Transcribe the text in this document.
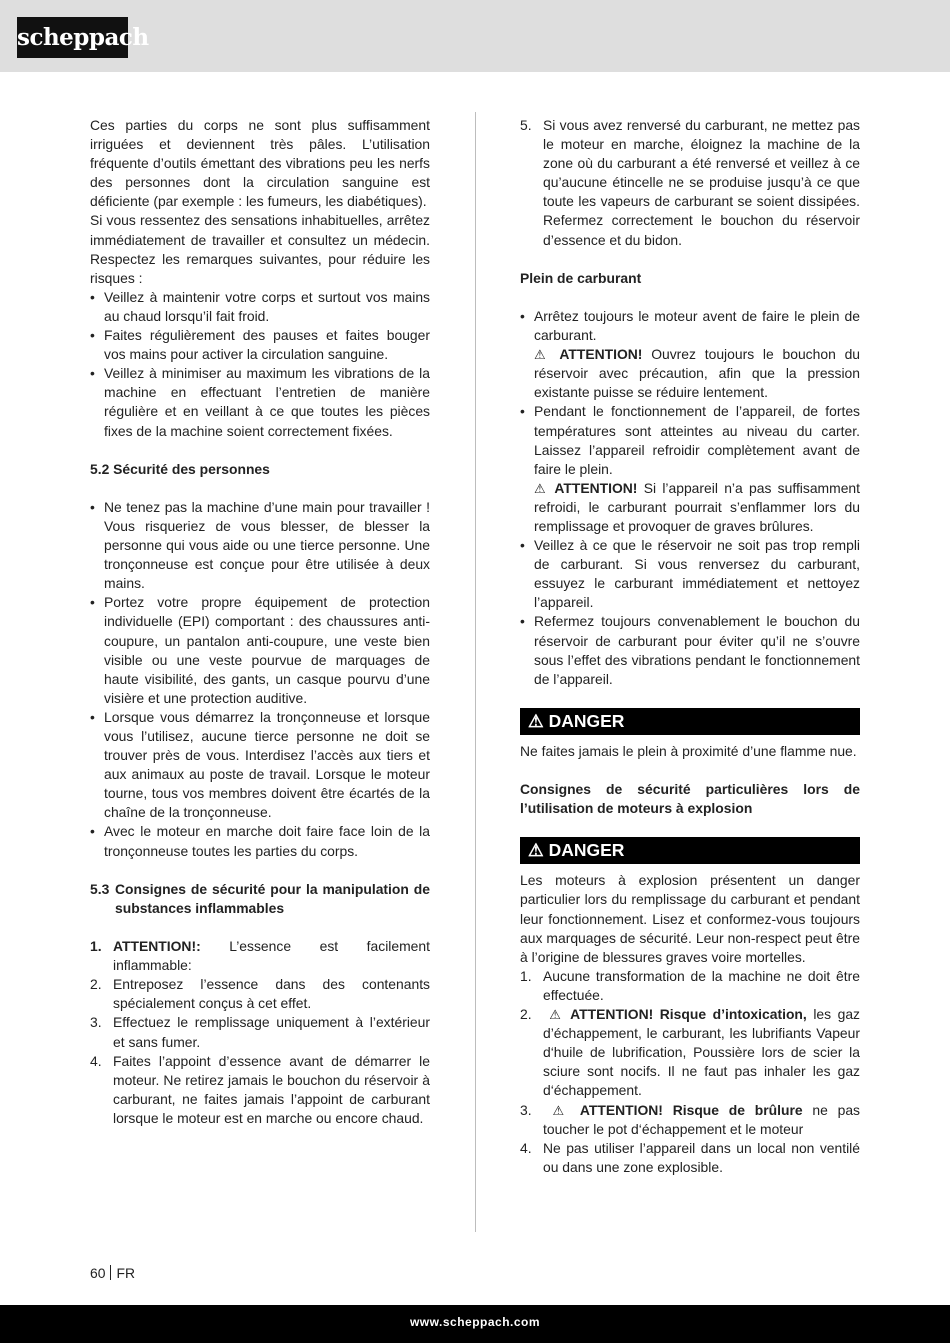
scheppach

Ces parties du corps ne sont plus suffisamment irriguées et deviennent très pâles. L’utilisation fréquente d’outils émettant des vibrations peu les nerfs des personnes dont la circulation sanguine est déficiente (par exemple : les fumeurs, les diabétiques).

Si vous ressentez des sensations inhabituelles, arrêtez immédiatement de travailler et consultez un médecin. Respectez les remarques suivantes, pour réduire les risques :

• Veillez à maintenir votre corps et surtout vos mains au chaud lorsqu’il fait froid.
• Faites régulièrement des pauses et faites bouger vos mains pour activer la circulation sanguine.
• Veillez à minimiser au maximum les vibrations de la machine en effectuant l’entretien de manière régulière et en veillant à ce que toutes les pièces fixes de la machine soient correctement fixées.

5.2 Sécurité des personnes

• Ne tenez pas la machine d’une main pour travailler ! Vous risqueriez de vous blesser, de blesser la personne qui vous aide ou une tierce personne. Une tronçonneuse est conçue pour être utilisée à deux mains.
• Portez votre propre équipement de protection individuelle (EPI) comportant : des chaussures anti-coupure, un pantalon anti-coupure, une veste bien visible ou une veste pourvue de marquages de haute visibilité, des gants, un casque pourvu d’une visière et une protection auditive.
• Lorsque vous démarrez la tronçonneuse et lorsque vous l’utilisez, aucune tierce personne ne doit se trouver près de vous. Interdisez l’accès aux tiers et aux animaux au poste de travail. Lorsque le moteur tourne, tous vos membres doivent être écartés de la chaîne de la tronçonneuse.
• Avec le moteur en marche doit faire face loin de la tronçonneuse toutes les parties du corps.
5.3 Consignes de sécurité pour la manipulation de substances inflammables
1. ATTENTION!: L’essence est facilement inflammable:
2. Entreposez l’essence dans des contenants spécialement conçus à cet effet.
3. Effectuez le remplissage uniquement à l’extérieur et sans fumer.
4. Faites l’appoint d’essence avant de démarrer le moteur. Ne retirez jamais le bouchon du réservoir à carburant, ne faites jamais l’appoint de carburant lorsque le moteur est en marche ou encore chaud.
5. Si vous avez renversé du carburant, ne mettez pas le moteur en marche, éloignez la machine de la zone où du carburant a été renversé et veillez à ce qu’aucune étincelle ne se produise jusqu’à ce que toute les vapeurs de carburant se soient dissipées. Refermez correctement le bouchon du réservoir d’essence et du bidon.

Plein de carburant

• Arrêtez toujours le moteur avent de faire le plein de carburant.
⚠ ATTENTION! Ouvrez toujours le bouchon du réservoir avec précaution, afin que la pression existante puisse se réduire lentement.
• Pendant le fonctionnement de l’appareil, de fortes températures sont atteintes au niveau du carter. Laissez l’appareil refroidir complètement avant de faire le plein.
⚠ ATTENTION! Si l’appareil n’a pas suffisamment refroidi, le carburant pourrait s’enflammer lors du remplissage et provoquer de graves brûlures.
• Veillez à ce que le réservoir ne soit pas trop rempli de carburant. Si vous renversez du carburant, essuyez le carburant immédiatement et nettoyez l’appareil.
• Refermez toujours convenablement le bouchon du réservoir de carburant pour éviter qu’il ne s’ouvre sous l’effet des vibrations pendant le fonctionnement de l’appareil.
⚠ DANGER

Ne faites jamais le plein à proximité d’une flamme nue.

Consignes de sécurité particulières lors de l’utilisation de moteurs à explosion

⚠ DANGER

Les moteurs à explosion présentent un danger particulier lors du remplissage du carburant et pendant leur fonctionnement. Lisez et conformez-vous toujours aux marquages de sécurité. Leur non-respect peut être à l’origine de blessures graves voire mortelles.

1. Aucune transformation de la machine ne doit être effectuée.
2. ⚠ ATTENTION! Risque d’intoxication, les gaz d’échappement, le carburant, les lubrifiants Vapeur d‘huile de lubrification, Poussière lors de scier la sciure sont nocifs. Il ne faut pas inhaler les gaz d‘échappement.
3. ⚠ ATTENTION! Risque de brûlure ne pas toucher le pot d‘échappement et le moteur
4. Ne pas utiliser l’appareil dans un local non ventilé ou dans une zone explosible.
60 FR
www.scheppach.com
